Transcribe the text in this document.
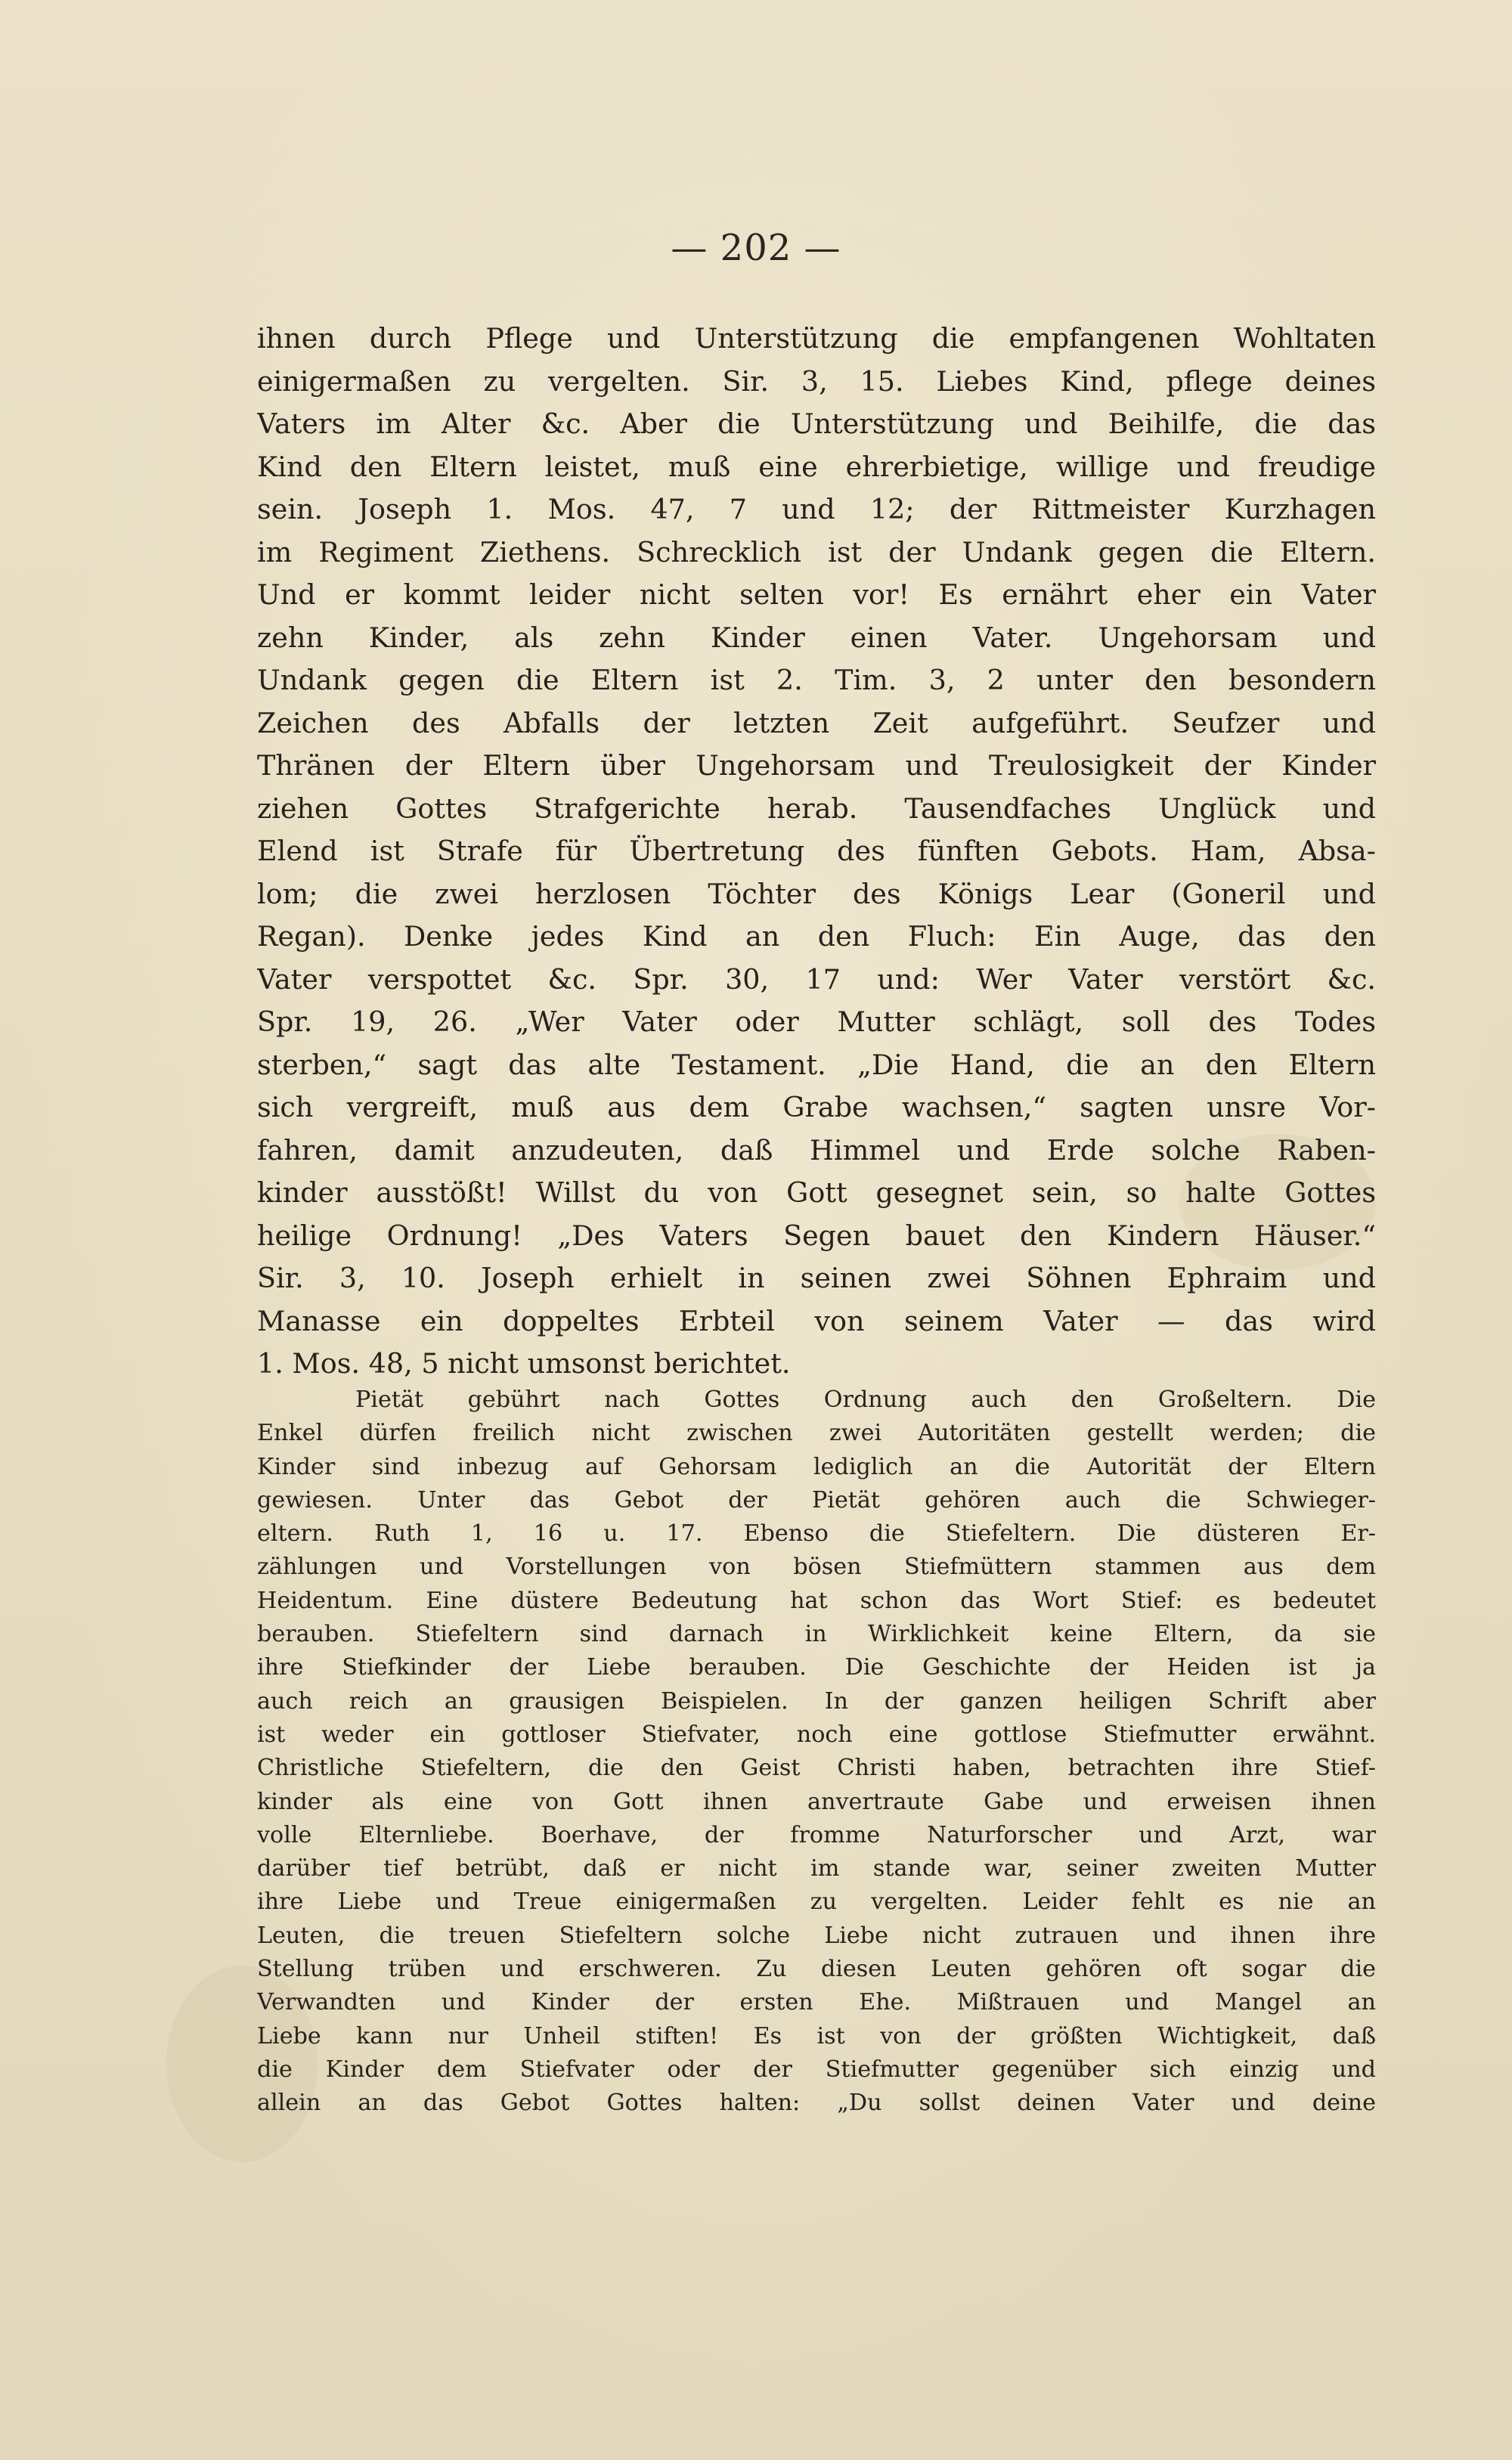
— 202 —
ihnen durch Pflege und Unterstützung die empfangenen Wohltaten
einigermaßen zu vergelten. Sir. 3, 15. Liebes Kind, pflege deines
Vaters im Alter &c. Aber die Unterstützung und Beihilfe, die das
Kind den Eltern leistet, muß eine ehrerbietige, willige und freudige
sein. Joseph 1. Mos. 47, 7 und 12; der Rittmeister Kurzhagen
im Regiment Ziethens. Schrecklich ist der Undank gegen die Eltern.
Und er kommt leider nicht selten vor! Es ernährt eher ein Vater
zehn Kinder, als zehn Kinder einen Vater. Ungehorsam und
Undank gegen die Eltern ist 2. Tim. 3, 2 unter den besondern
Zeichen des Abfalls der letzten Zeit aufgeführt. Seufzer und
Thränen der Eltern über Ungehorsam und Treulosigkeit der Kinder
ziehen Gottes Strafgerichte herab. Tausendfaches Unglück und
Elend ist Strafe für Übertretung des fünften Gebots. Ham, Absa-
lom; die zwei herzlosen Töchter des Königs Lear (Goneril und
Regan). Denke jedes Kind an den Fluch: Ein Auge, das den
Vater verspottet &c. Spr. 30, 17 und: Wer Vater verstört &c.
Spr. 19, 26. „Wer Vater oder Mutter schlägt, soll des Todes
sterben,“ sagt das alte Testament. „Die Hand, die an den Eltern
sich vergreift, muß aus dem Grabe wachsen,“ sagten unsre Vor-
fahren, damit anzudeuten, daß Himmel und Erde solche Raben-
kinder ausstößt! Willst du von Gott gesegnet sein, so halte Gottes
heilige Ordnung! „Des Vaters Segen bauet den Kindern Häuser.“
Sir. 3, 10. Joseph erhielt in seinen zwei Söhnen Ephraim und
Manasse ein doppeltes Erbteil von seinem Vater — das wird
1. Mos. 48, 5 nicht umsonst berichtet.
Pietät gebührt nach Gottes Ordnung auch den Großeltern. Die
Enkel dürfen freilich nicht zwischen zwei Autoritäten gestellt werden; die
Kinder sind inbezug auf Gehorsam lediglich an die Autorität der Eltern
gewiesen. Unter das Gebot der Pietät gehören auch die Schwieger-
eltern. Ruth 1, 16 u. 17. Ebenso die Stiefeltern. Die düsteren Er-
zählungen und Vorstellungen von bösen Stiefmüttern stammen aus dem
Heidentum. Eine düstere Bedeutung hat schon das Wort Stief: es bedeutet
berauben. Stiefeltern sind darnach in Wirklichkeit keine Eltern, da sie
ihre Stiefkinder der Liebe berauben. Die Geschichte der Heiden ist ja
auch reich an grausigen Beispielen. In der ganzen heiligen Schrift aber
ist weder ein gottloser Stiefvater, noch eine gottlose Stiefmutter erwähnt.
Christliche Stiefeltern, die den Geist Christi haben, betrachten ihre Stief-
kinder als eine von Gott ihnen anvertraute Gabe und erweisen ihnen
volle Elternliebe. Boerhave, der fromme Naturforscher und Arzt, war
darüber tief betrübt, daß er nicht im stande war, seiner zweiten Mutter
ihre Liebe und Treue einigermaßen zu vergelten. Leider fehlt es nie an
Leuten, die treuen Stiefeltern solche Liebe nicht zutrauen und ihnen ihre
Stellung trüben und erschweren. Zu diesen Leuten gehören oft sogar die
Verwandten und Kinder der ersten Ehe. Mißtrauen und Mangel an
Liebe kann nur Unheil stiften! Es ist von der größten Wichtigkeit, daß
die Kinder dem Stiefvater oder der Stiefmutter gegenüber sich einzig und
allein an das Gebot Gottes halten: „Du sollst deinen Vater und deine
